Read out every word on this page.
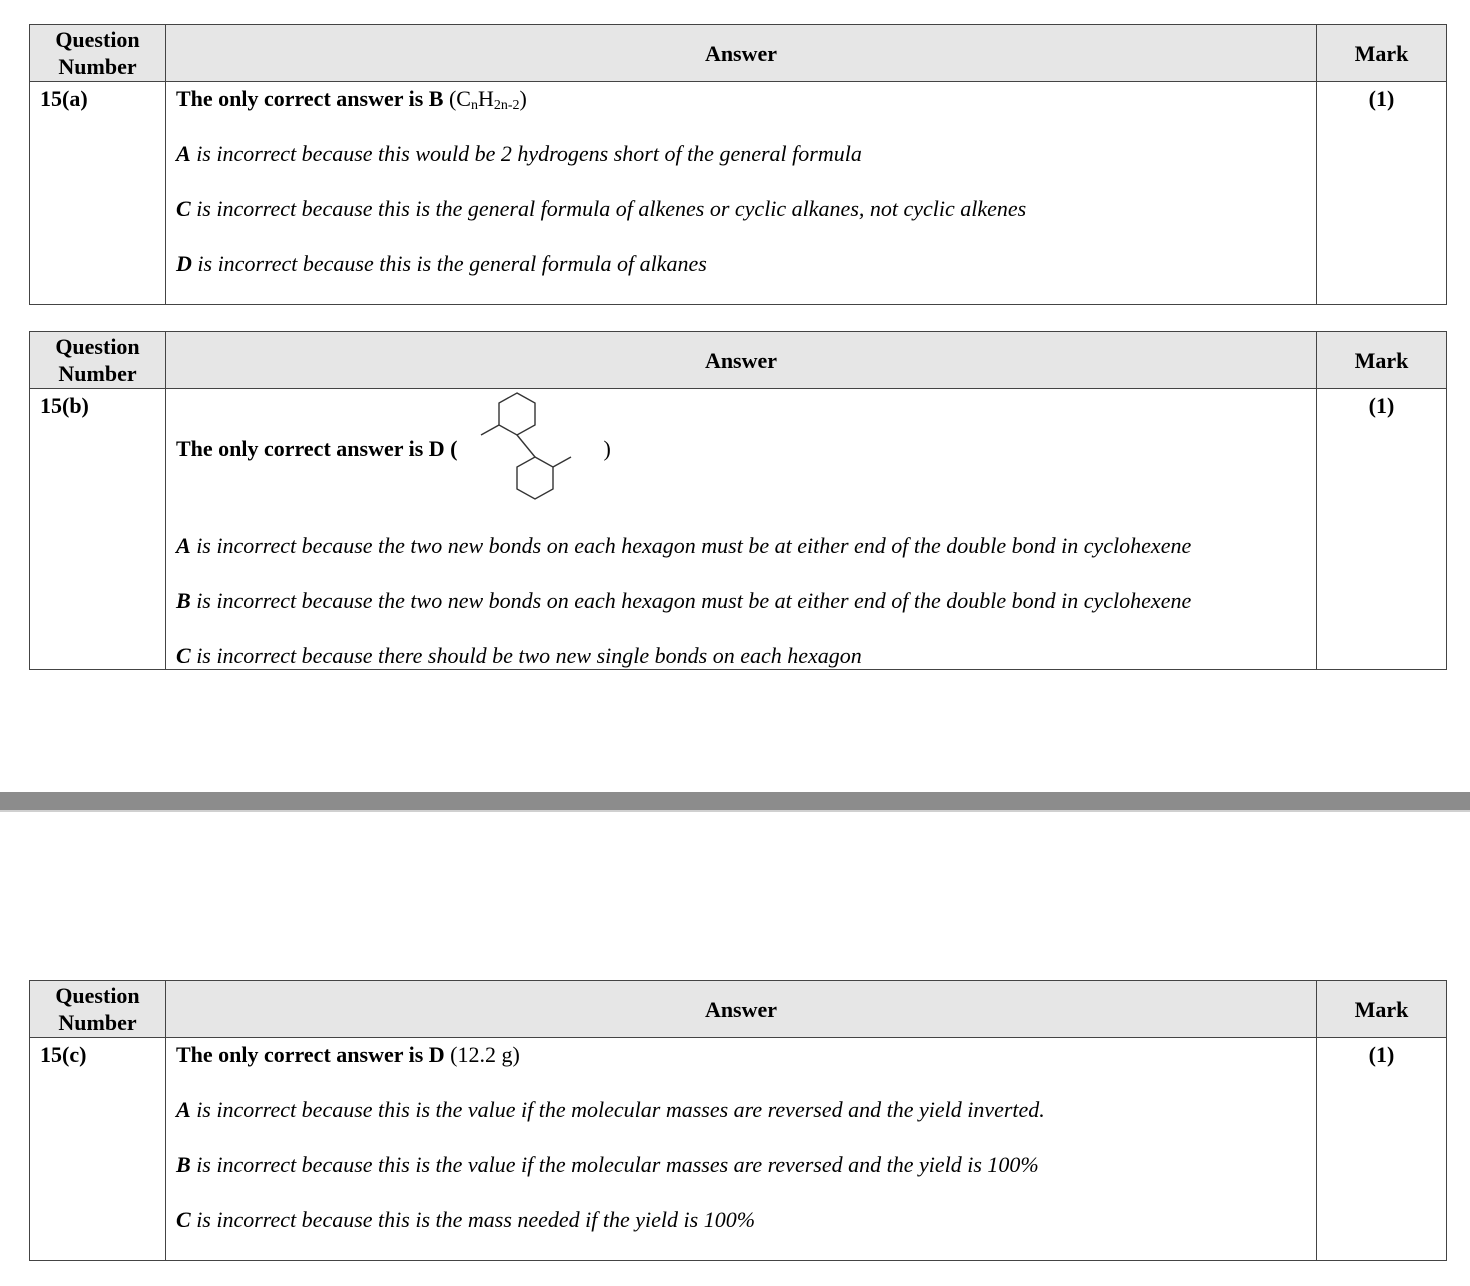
Question
Number	Answer	Mark
15(a)	The only correct answer is B $(C_nH_{2n-2})$
A is incorrect because this would be 2 hydrogens short of the general formula
C is incorrect because this is the general formula of alkenes or cyclic alkanes, not cyclic alkenes
D is incorrect because this is the general formula of alkanes	(1)
Question
Number	Answer	Mark
15(b)	The only correct answer is D ( )
A is incorrect because the two new bonds on each hexagon must be at either end of the double bond in cyclohexene
B is incorrect because the two new bonds on each hexagon must be at either end of the double bond in cyclohexene
C is incorrect because there should be two new single bonds on each hexagon	(1)
Question
Number	Answer	Mark
15(c)	The only correct answer is D (12.2 g)
A is incorrect because this is the value if the molecular masses are reversed and the yield inverted.
B is incorrect because this is the value if the molecular masses are reversed and the yield is 100%
C is incorrect because this is the mass needed if the yield is 100%	(1)
